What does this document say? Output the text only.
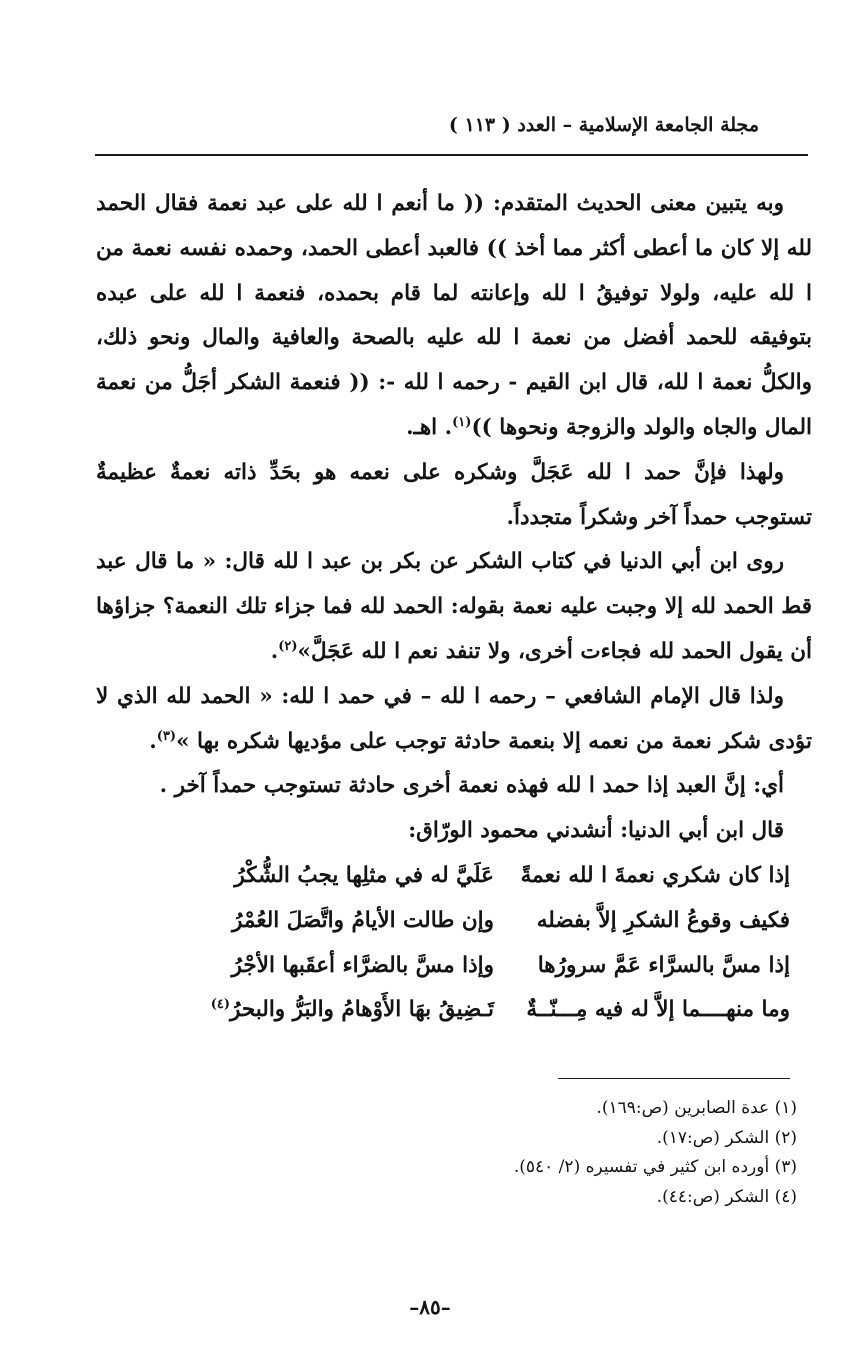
مجلة الجامعة الإسلامية – العدد ( ١١٣ )

وبه يتبين معنى الحديث المتقدم: (( ما أنعم ا لله على عبد نعمة فقال الحمد لله إلا كان ما أعطى أكثر مما أخذ )) فالعبد أعطى الحمد، وحمده نفسه نعمة من ا لله عليه، ولولا توفيقُ ا لله وإعانته لما قام بحمده، فنعمة ا لله على عبده بتوفيقه للحمد أفضل من نعمة ا لله عليه بالصحة والعافية والمال ونحو ذلك، والكلُّ نعمة ا لله، قال ابن القيم - رحمه ا لله -: (( فنعمة الشكر أجَلُّ من نعمة المال والجاه والولد والزوجة ونحوها ))$^{(١)}$. اهـ.

ولهذا فإنَّ حمد ا لله عَجَلَّ وشكره على نعمه هو بحَدِّ ذاته نعمةٌ عظيمةٌ تستوجب حمداً آخر وشكراً متجدداً.

روى ابن أبي الدنيا في كتاب الشكر عن بكر بن عبد ا لله قال: « ما قال عبد قط الحمد لله إلا وجبت عليه نعمة بقوله: الحمد لله فما جزاء تلك النعمة؟ جزاؤها أن يقول الحمد لله فجاءت أخرى، ولا تنفد نعم ا لله عَجَلَّ»$^{(٢)}$.

ولذا قال الإمام الشافعي – رحمه ا لله – في حمد ا لله: « الحمد لله الذي لا تؤدى شكر نعمة من نعمه إلا بنعمة حادثة توجب على مؤديها شكره بها »$^{(٣)}$.

أي: إنَّ العبد إذا حمد ا لله فهذه نعمة أخرى حادثة تستوجب حمداً آخر .

قال ابن أبي الدنيا: أنشدني محمود الورّاق:

إذا كان شكري نعمةَ ا لله نعمةً
عَلَيَّ له في مثلِها يجبُ الشُّكْرُ
فكيف وقوعُ الشكرِ إلاَّ بفضله
وإن طالت الأيامُ واتَّصَلَ العُمْرُ
إذا مسَّ بالسرَّاء عَمَّ سرورُها
وإذا مسَّ بالضرَّاء أعقَبها الأجْرُ
وما منهــــما إلاَّ له فيه مِـــنّــةٌ
تَـضِيقُ بهَا الأَوْهامُ والبَرُّ والبحرُ$^{(٤)}$
(١) عدة الصابرين (ص:١٦٩).
(٢) الشكر (ص:١٧).
(٣) أورده ابن كثير في تفسيره (٢/ ٥٤٠).
(٤) الشكر (ص:٤٤).
–٨٥–
